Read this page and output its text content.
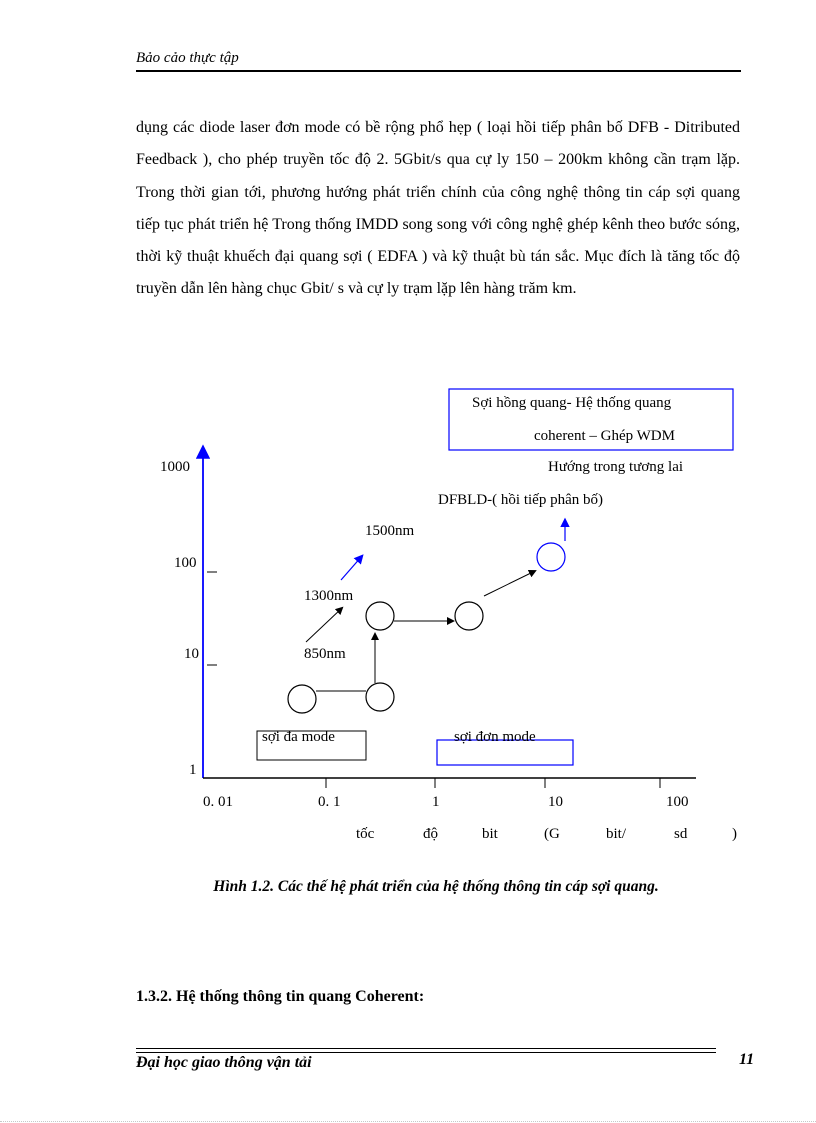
Bảo cảo thực tập

dụng các diode laser đơn mode có bề rộng phổ hẹp ( loại hồi tiếp phân bố DFB - Ditributed Feedback ), cho phép truyền tốc độ 2. 5Gbit/s qua cự ly 150 – 200km không cần trạm lặp. Trong thời gian tới, phương hướng phát triển chính của công nghệ thông tin cáp sợi quang tiếp tục phát triển hệ Trong thống IMDD song song với công nghệ ghép kênh theo bước sóng, thời kỹ thuật khuếch đại quang sợi ( EDFA ) và kỹ thuật bù tán sắc. Mục đích là tăng tốc độ truyền dẫn lên hàng chục Gbit/ s và cự ly trạm lặp lên hàng trăm km.

Sợi hồng quang- Hệ thống quang
coherent – Ghép WDM
Hướng trong tương lai
DFBLD-( hồi tiếp phân bố)
1000
100
10
1
0. 01	0. 1	1	10	100
tốc	độ	bit	(G	bit/	sd	)
1500nm
1300nm
850nm
sợi đa mode	sợi đơn mode
Hình 1.2. Các thế hệ phát triển của hệ thống thông tin cáp sợi quang.
1.3.2. Hệ thống thông tin quang Coherent:
Đại học giao thông vận tải	11
